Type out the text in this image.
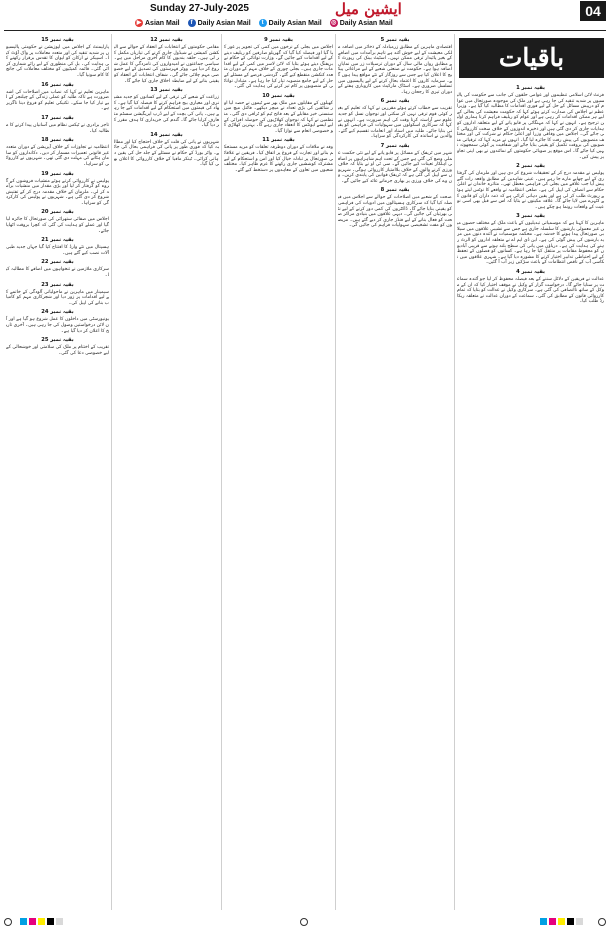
Sunday 27-July-2025	ایشین میل	04
▶ Asian Mail	f Daily Asian Mail	t Daily Asian Mail ◎ Daily Asian Mail
باقیات
بقیہ نمبر 1
فرنٹ لائن اسلامی تنظیموں اور عوامی حلقوں کی جانب سے حکومت کی پالیسیوں پر شدید تنقید کی جا رہی ہے اور ملک کی موجودہ صورتحال میں عوام کو درپیش مسائل کے حل کے لیے فوری اقدامات کا مطالبہ کیا گیا ہے۔ وزیراعظم نے اجلاس کی صدارت کرتے ہوئے کہا کہ حکومت معیشت کی بحالی کے لیے ہر ممکن اقدامات کر رہی ہے اور عوام کو ریلیف فراہم کرنا ہماری اولین ترجیح ہے۔ انہوں نے کہا کہ مہنگائی پر قابو پانے کے لیے متعلقہ اداروں کو ہدایات جاری کر دی گئی ہیں اور ذخیرہ اندوزوں کے خلاف سخت کارروائی کی جائے گی۔ اجلاس میں وفاقی وزرا اور اعلیٰ حکام نے شرکت کی اور مختلف منصوبوں کی پیش رفت کا جائزہ لیا گیا۔ انہوں نے مزید کہا کہ ترقیاتی منصوبوں کی بروقت تکمیل کو یقینی بنایا جائے اور شفافیت پر کوئی سمجھوتہ نہیں کیا جائے گا۔ اس موقع پر صوبائی حکومتوں کے نمائندوں نے بھی اپنی تجاویز پیش کیں۔
بقیہ نمبر 2
پولیس نے مقدمہ درج کر کے تحقیقات شروع کر دی ہیں اور ملزمان کی گرفتاری کے لیے چھاپے مارے جا رہے ہیں۔ عینی شاہدین کے مطابق واقعہ رات گئے پیش آیا جب علاقے میں بجلی کی فراہمی معطل تھی۔ متاثرہ خاندان نے اعلیٰ حکام سے انصاف کی اپیل کی ہے۔ ضلعی انتظامیہ نے واقعے کا نوٹس لیتے ہوئے رپورٹ طلب کر لی ہے اور یقین دہانی کرائی ہے کہ ذمہ داران کو قانون کے کٹہرے میں لایا جائے گا۔ علاقہ مکینوں نے بتایا کہ اس سے قبل بھی اسی نوعیت کے واقعات رونما ہو چکے ہیں۔
بقیہ نمبر 3
ماہرین کا کہنا ہے کہ موسمیاتی تبدیلیوں کے باعث ملک کے مختلف حصوں میں غیر معمولی بارشوں کا سلسلہ جاری ہے جس سے نشیبی علاقوں میں سیلابی صورتحال پیدا ہونے کا خدشہ ہے۔ محکمہ موسمیات نے آئندہ دنوں میں مزید بارشوں کی پیش گوئی کی ہے۔ این ڈی ایم اے نے متعلقہ اداروں کو الرٹ رہنے کی ہدایت کی ہے۔ دریاؤں میں پانی کی سطح بلند ہونے سے قریبی آبادیوں کو محفوظ مقامات پر منتقل کیا جا رہا ہے۔ کسانوں کو فصلوں کے تحفظ کے لیے احتیاطی تدابیر اختیار کرنے کا مشورہ دیا گیا ہے۔ شہری علاقوں میں نکاسی آب کے ناقص انتظامات کے باعث سڑکیں زیر آب آ گئیں۔
بقیہ نمبر 4
عدالت نے فریقین کے دلائل سننے کے بعد فیصلہ محفوظ کر لیا جو آئندہ سماعت پر سنایا جائے گا۔ درخواست گزار کے وکیل نے موقف اختیار کیا کہ ان کے موکل کے ساتھ ناانصافی کی گئی ہے۔ سرکاری وکیل نے عدالت کو بتایا کہ تمام کارروائی قانون کے مطابق کی گئی۔ سماعت کے دوران عدالت نے متعلقہ ریکارڈ طلب کیا۔
بقیہ نمبر 5
اقتصادی ماہرین کے مطابق زرمبادلہ کے ذخائر میں اضافہ ملکی معیشت کے لیے خوش آئند ہے تاہم برآمدات میں اضافے کے بغیر پائیدار ترقی ممکن نہیں۔ اسٹیٹ بینک کی رپورٹ کے مطابق رواں مالی سال کے دوران ترسیلات زر میں نمایاں اضافہ ہوا ہے۔ حکومت نے صنعتی شعبے کے لیے مراعاتی پیکیج کا اعلان کیا ہے جس سے روزگار کے نئے مواقع پیدا ہوں گے۔ سرمایہ کاروں کا اعتماد بحال کرنے کے لیے پالیسیوں میں تسلسل ضروری ہے۔ اسٹاک مارکیٹ میں کاروباری ہفتے کے دوران تیزی کا رجحان رہا۔
بقیہ نمبر 6
تقریب سے خطاب کرتے ہوئے مقررین نے کہا کہ تعلیم کے بغیر کوئی قوم ترقی نہیں کر سکتی اور نوجوان نسل کو جدید علوم سے آراستہ کرنا وقت کی اہم ضرورت ہے۔ انہوں نے کہا کہ سرکاری اسکولوں میں سہولیات کی فراہمی کو یقینی بنایا جائے۔ طلبہ میں اسناد اور انعامات تقسیم کیے گئے۔ والدین نے اساتذہ کی کارکردگی کو سراہا۔
بقیہ نمبر 7
شہر میں ٹریفک کے مسائل پر قابو پانے کے لیے نئی حکمت عملی وضع کی گئی ہے جس کے تحت اہم شاہراہوں پر اضافی اہلکار تعینات کیے جائیں گے۔ سی ٹی او نے بتایا کہ خلاف ورزی کرنے والوں کے خلاف بلاامتیاز کارروائی ہوگی۔ شہریوں سے اپیل کی گئی ہے کہ ٹریفک قوانین کی پابندی کریں۔ ون وے کی خلاف ورزی پر بھاری جرمانے عائد کیے جائیں گے۔
بقیہ نمبر 8
صحت کے شعبے میں اصلاحات کے حوالے سے اجلاس میں فیصلہ کیا گیا کہ سرکاری ہسپتالوں میں ادویات کی فراہمی کو یقینی بنایا جائے گا۔ ڈاکٹروں کی کمی دور کرنے کے لیے نئی بھرتیاں کی جائیں گی۔ دیہی علاقوں میں بنیادی مراکز صحت کو فعال بنانے کے لیے فنڈز جاری کر دیے گئے ہیں۔ مریضوں کو مفت تشخیصی سہولیات فراہم کی جائیں گی۔
بقیہ نمبر 9
اجلاس میں بجلی کے نرخوں میں کمی کی تجویز پر غور کیا گیا اور فیصلہ کیا گیا کہ گھریلو صارفین کو ریلیف دینے کے لیے اقدامات کیے جائیں گے۔ وزارت توانائی کے حکام نے بریفنگ دیتے ہوئے بتایا کہ لائن لاسز میں کمی کے لیے اقدامات جاری ہیں۔ بجلی چوری کے خلاف مہم کے دوران متعدد کنکشن منقطع کیے گئے۔ گردشی قرضے کے مسئلے کے حل کے لیے جامع منصوبہ تیار کیا جا رہا ہے۔ متبادل توانائی کے منصوبوں پر کام تیز کرنے کی ہدایت کی گئی۔
بقیہ نمبر 10
کھیلوں کے مقابلوں میں ملک بھر سے ٹیموں نے حصہ لیا اور شائقین کی بڑی تعداد نے میچز دیکھے۔ فائنل میچ میں سنسنی خیز مقابلے کے بعد فاتح ٹیم کو ٹرافی دی گئی۔ منتظمین نے کہا کہ نوجوان کھلاڑیوں کی حوصلہ افزائی کے لیے ایسے ایونٹس کا انعقاد جاری رہے گا۔ بہترین کھلاڑی کو خصوصی انعام سے نوازا گیا۔
بقیہ نمبر 11
وفد نے ملاقات کے دوران دوطرفہ تعلقات کو مزید مستحکم بنانے اور تجارت کے فروغ پر اتفاق کیا۔ فریقین نے علاقائی صورتحال پر تبادلہ خیال کیا اور امن و استحکام کے لیے مشترکہ کوششیں جاری رکھنے کا عزم ظاہر کیا۔ مختلف شعبوں میں تعاون کے معاہدوں پر دستخط کیے گئے۔
بقیہ نمبر 12
مقامی حکومتوں کے انتخابات کے انعقاد کے حوالے سے الیکشن کمیشن نے شیڈول جاری کرنے کی تیاریاں مکمل کر لی ہیں۔ حلقہ بندیوں کا کام آخری مراحل میں ہے۔ سیاسی جماعتوں نے امیدواروں کی نامزدگی کا عمل شروع کر دیا ہے۔ ووٹر فہرستوں کی تصدیق کے لیے خصوصی مہم چلائی جائے گی۔ شفاف انتخابات کے انعقاد کو یقینی بنانے کے لیے ضابطہ اخلاق جاری کیا جائے گا۔
بقیہ نمبر 13
زراعت کے شعبے کی ترقی کے لیے کسانوں کو جدید مشینری اور معیاری بیج فراہم کرنے کا فیصلہ کیا گیا ہے۔ کھاد کی قیمتوں میں استحکام کے لیے اقدامات کیے جا رہے ہیں۔ پانی کی بچت کے لیے ڈرپ ایریگیشن سسٹم متعارف کرایا جائے گا۔ گندم کی خریداری کا ہدف مقرر کر دیا گیا۔
بقیہ نمبر 14
شہریوں نے پانی کی قلت کے خلاف احتجاج کیا اور مطالبہ کیا کہ فوری طور پر پانی کی فراہمی بحال کی جائے۔ واٹر بورڈ کے حکام نے مسئلے کے جلد حل کی یقین دہانی کرائی۔ ٹینکر مافیا کے خلاف کارروائی کا اعلان بھی کیا گیا۔
بقیہ نمبر 15
پارلیمنٹ کے اجلاس میں اپوزیشن نے حکومتی پالیسیوں پر شدید تنقید کی اور متعدد معاملات پر واک آؤٹ کیا۔ اسپیکر نے ارکان کو ایوان کا تقدس برقرار رکھنے کی ہدایت کی۔ بل کی منظوری کے لیے رائے شماری کرائی گئی۔ قائمہ کمیٹیوں کو مختلف معاملات کی جانچ کا کام سونپا گیا۔
بقیہ نمبر 16
ماہرین تعلیم نے کہا کہ نصاب میں اصلاحات کی اشد ضرورت ہے تاکہ طلبہ کو عملی زندگی کے چیلنجز کے لیے تیار کیا جا سکے۔ تکنیکی تعلیم کو فروغ دینا ناگزیر ہے۔
بقیہ نمبر 17
تاجر برادری نے ٹیکس نظام میں آسانیاں پیدا کرنے کا مطالبہ کیا۔
بقیہ نمبر 18
انتظامیہ نے تجاوزات کے خلاف آپریشن کے دوران متعدد غیر قانونی تعمیرات مسمار کر دیں۔ دکانداروں کو سامان ہٹانے کی مہلت دی گئی تھی۔ شہریوں نے کارروائی کو سراہا۔
بقیہ نمبر 19
پولیس نے کارروائی کرتے ہوئے منشیات فروشوں کے گروہ کو گرفتار کر لیا اور بڑی مقدار میں منشیات برآمد کر لی۔ ملزمان کے خلاف مقدمہ درج کر کے تفتیش شروع کر دی گئی ہے۔ شہریوں نے پولیس کی کارکردگی کو سراہا۔
بقیہ نمبر 20
اجلاس میں صفائی ستھرائی کی صورتحال کا جائزہ لیا گیا اور عملے کو ہدایت کی گئی کہ کچرا بروقت اٹھایا جائے۔
بقیہ نمبر 21
ہسپتال میں نئے وارڈ کا افتتاح کیا گیا جہاں جدید طبی آلات نصب کیے گئے ہیں۔
بقیہ نمبر 22
سرکاری ملازمین نے تنخواہوں میں اضافے کا مطالبہ کیا۔
بقیہ نمبر 23
سیمینار میں ماہرین نے ماحولیاتی آلودگی کے خاتمے کے لیے اقدامات پر زور دیا اور شجرکاری مہم کو کامیاب بنانے کی اپیل کی۔
بقیہ نمبر 24
یونیورسٹی میں داخلوں کا عمل شروع ہو گیا ہے اور آن لائن درخواستیں وصول کی جا رہی ہیں۔ آخری تاریخ کا اعلان کر دیا گیا ہے۔
بقیہ نمبر 25
تقریب کے اختتام پر ملک کی سلامتی اور خوشحالی کے لیے خصوصی دعا کی گئی۔
